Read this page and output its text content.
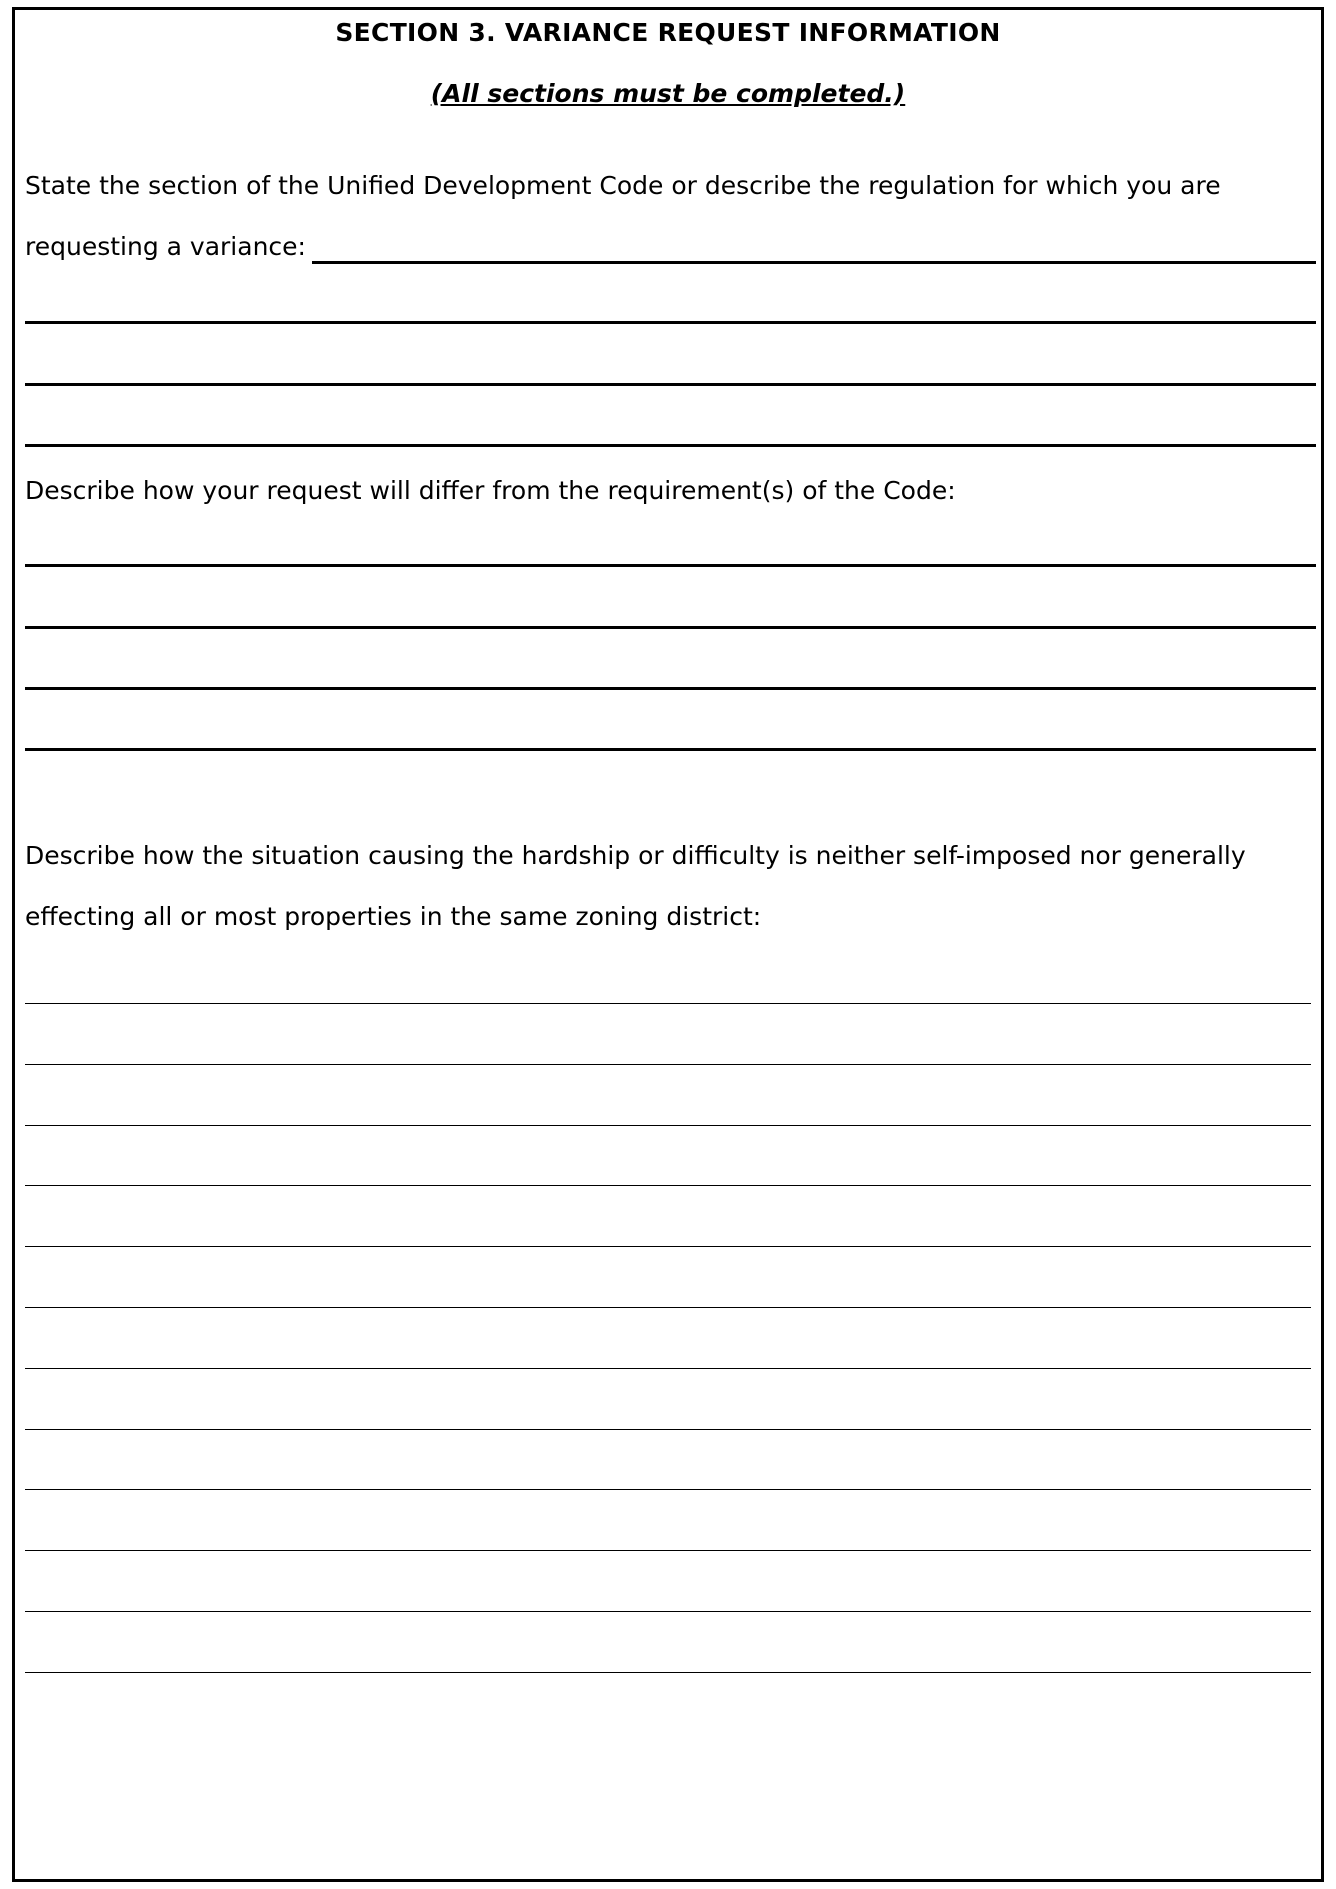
SECTION 3. VARIANCE REQUEST INFORMATION
(All sections must be completed.)
State the section of the Unified Development Code or describe the regulation for which you are
requesting a variance:
Describe how your request will differ from the requirement(s) of the Code:
Describe how the situation causing the hardship or difficulty is neither self-imposed nor generally
effecting all or most properties in the same zoning district:
